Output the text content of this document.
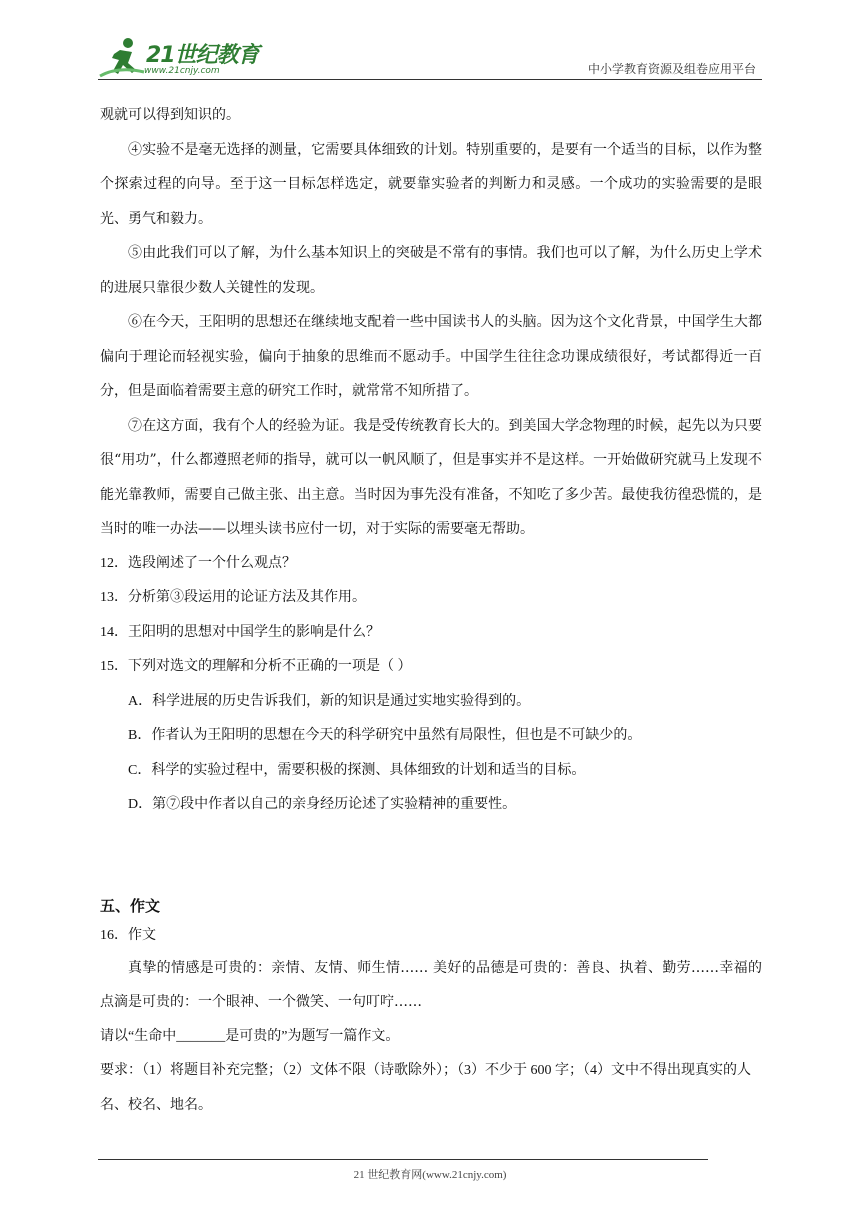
21世纪教育
www.21cnjy.com	中小学教育资源及组卷应用平台

观就可以得到知识的。

④实验不是毫无选择的测量，它需要具体细致的计划。特别重要的，是要有一个适当的目标，以作为整个探索过程的向导。至于这一目标怎样选定，就要靠实验者的判断力和灵感。一个成功的实验需要的是眼光、勇气和毅力。

⑤由此我们可以了解，为什么基本知识上的突破是不常有的事情。我们也可以了解，为什么历史上学术的进展只靠很少数人关键性的发现。

⑥在今天，王阳明的思想还在继续地支配着一些中国读书人的头脑。因为这个文化背景，中国学生大都偏向于理论而轻视实验，偏向于抽象的思维而不愿动手。中国学生往往念功课成绩很好，考试都得近一百分，但是面临着需要主意的研究工作时，就常常不知所措了。

⑦在这方面，我有个人的经验为证。我是受传统教育长大的。到美国大学念物理的时候，起先以为只要很“用功”，什么都遵照老师的指导，就可以一帆风顺了，但是事实并不是这样。一开始做研究就马上发现不能光靠教师，需要自己做主张、出主意。当时因为事先没有准备，不知吃了多少苦。最使我彷徨恐慌的，是当时的唯一办法——以埋头读书应付一切，对于实际的需要毫无帮助。

12．选段阐述了一个什么观点？

13．分析第③段运用的论证方法及其作用。

14．王阳明的思想对中国学生的影响是什么？

15．下列对选文的理解和分析不正确的一项是（ ）

A．科学进展的历史告诉我们，新的知识是通过实地实验得到的。

B．作者认为王阳明的思想在今天的科学研究中虽然有局限性，但也是不可缺少的。

C．科学的实验过程中，需要积极的探测、具体细致的计划和适当的目标。

D．第⑦段中作者以自己的亲身经历论述了实验精神的重要性。

五、作文

16．作文

真挚的情感是可贵的：亲情、友情、师生情…… 美好的品德是可贵的：善良、执着、勤劳……幸福的点滴是可贵的：一个眼神、一个微笑、一句叮咛……

请以“生命中_______是可贵的”为题写一篇作文。

要求：（1）将题目补充完整；（2）文体不限（诗歌除外）；（3）不少于 600 字；（4）文中不得出现真实的人名、校名、地名。

21 世纪教育网(www.21cnjy.com)
